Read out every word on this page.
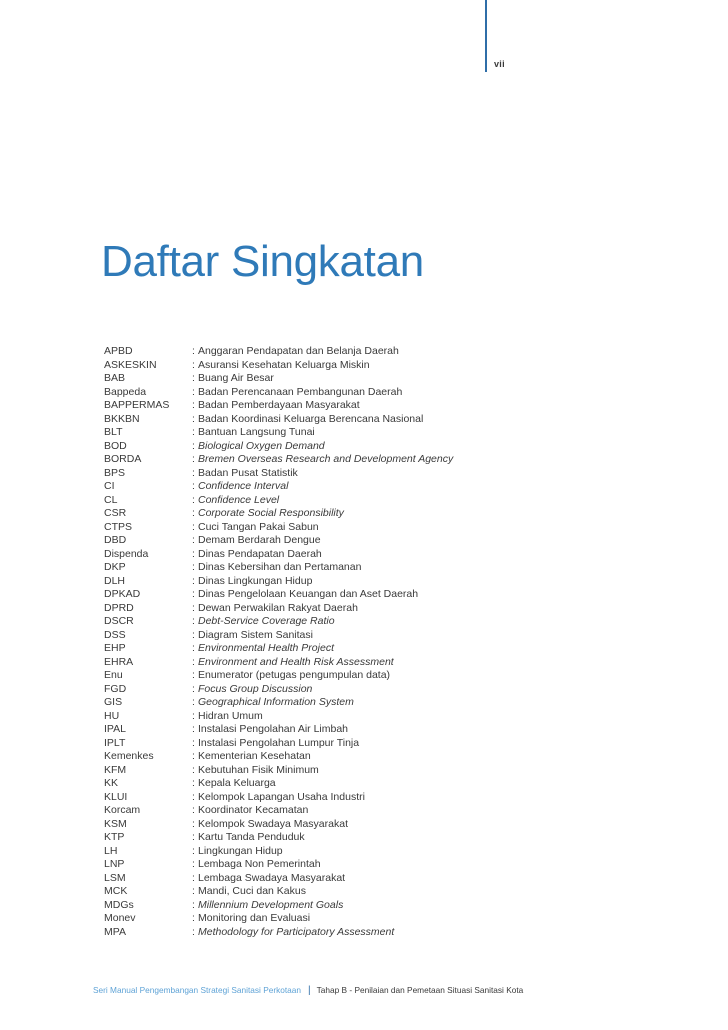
vii
Daftar Singkatan
APBD	: Anggaran Pendapatan dan Belanja Daerah
ASKESKIN	: Asuransi Kesehatan Keluarga Miskin
BAB	: Buang Air Besar
Bappeda	: Badan Perencanaan Pembangunan Daerah
BAPPERMAS	: Badan Pemberdayaan Masyarakat
BKKBN	: Badan Koordinasi Keluarga Berencana Nasional
BLT	: Bantuan Langsung Tunai
BOD	: Biological Oxygen Demand
BORDA	: Bremen Overseas Research and Development Agency
BPS	: Badan Pusat Statistik
CI	: Confidence Interval
CL	: Confidence Level
CSR	: Corporate Social Responsibility
CTPS	: Cuci Tangan Pakai Sabun
DBD	: Demam Berdarah Dengue
Dispenda	: Dinas Pendapatan Daerah
DKP	: Dinas Kebersihan dan Pertamanan
DLH	: Dinas Lingkungan Hidup
DPKAD	: Dinas Pengelolaan Keuangan dan Aset Daerah
DPRD	: Dewan Perwakilan Rakyat Daerah
DSCR	: Debt-Service Coverage Ratio
DSS	: Diagram Sistem Sanitasi
EHP	: Environmental Health Project
EHRA	: Environment and Health Risk Assessment
Enu	: Enumerator (petugas pengumpulan data)
FGD	: Focus Group Discussion
GIS	: Geographical Information System
HU	: Hidran Umum
IPAL	: Instalasi Pengolahan Air Limbah
IPLT	: Instalasi Pengolahan Lumpur Tinja
Kemenkes	: Kementerian Kesehatan
KFM	: Kebutuhan Fisik Minimum
KK	: Kepala Keluarga
KLUI	: Kelompok Lapangan Usaha Industri
Korcam	: Koordinator Kecamatan
KSM	: Kelompok Swadaya Masyarakat
KTP	: Kartu Tanda Penduduk
LH	: Lingkungan Hidup
LNP	: Lembaga Non Pemerintah
LSM	: Lembaga Swadaya Masyarakat
MCK	: Mandi, Cuci dan Kakus
MDGs	: Millennium Development Goals
Monev	: Monitoring dan Evaluasi
MPA	: Methodology for Participatory Assessment
Seri Manual Pengembangan Strategi Sanitasi Perkotaan | Tahap B - Penilaian dan Pemetaan Situasi Sanitasi Kota
